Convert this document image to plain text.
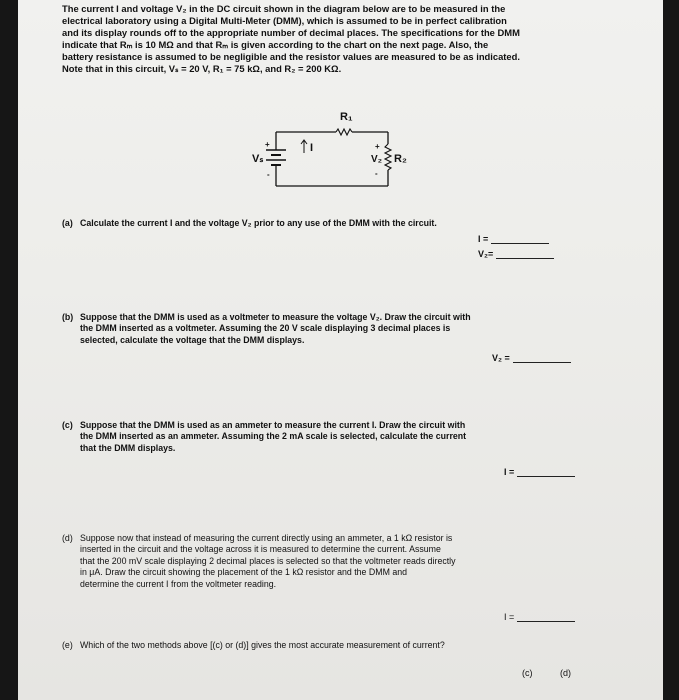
The current I and voltage V₂ in the DC circuit shown in the diagram below are to be measured in the
electrical laboratory using a Digital Multi-Meter (DMM), which is assumed to be in perfect calibration
and its display rounds off to the appropriate number of decimal places. The specifications for the DMM
indicate that Rₘ is 10 MΩ and that Rₘ is given according to the chart on the next page. Also, the
battery resistance is assumed to be negligible and the resistor values are measured to be as indicated.
Note that in this circuit, Vₛ = 20 V, R₁ = 75 kΩ, and R₂ = 200 KΩ.
R₁
Vₛ
+
-
I
V₂
+
-
R₂
(a) Calculate the current I and the voltage V₂ prior to any use of the DMM with the circuit.
I =
V₂=
(b) Suppose that the DMM is used as a voltmeter to measure the voltage V₂. Draw the circuit with
the DMM inserted as a voltmeter. Assuming the 20 V scale displaying 3 decimal places is
selected, calculate the voltage that the DMM displays.
V₂ =
(c) Suppose that the DMM is used as an ammeter to measure the current I. Draw the circuit with
the DMM inserted as an ammeter. Assuming the 2 mA scale is selected, calculate the current
that the DMM displays.
I =
(d) Suppose now that instead of measuring the current directly using an ammeter, a 1 kΩ resistor is
inserted in the circuit and the voltage across it is measured to determine the current. Assume
that the 200 mV scale displaying 2 decimal places is selected so that the voltmeter reads directly
in μA. Draw the circuit showing the placement of the 1 kΩ resistor and the DMM and
determine the current I from the voltmeter reading.
I =
(e) Which of the two methods above [(c) or (d)] gives the most accurate measurement of current?
(c)	(d)
